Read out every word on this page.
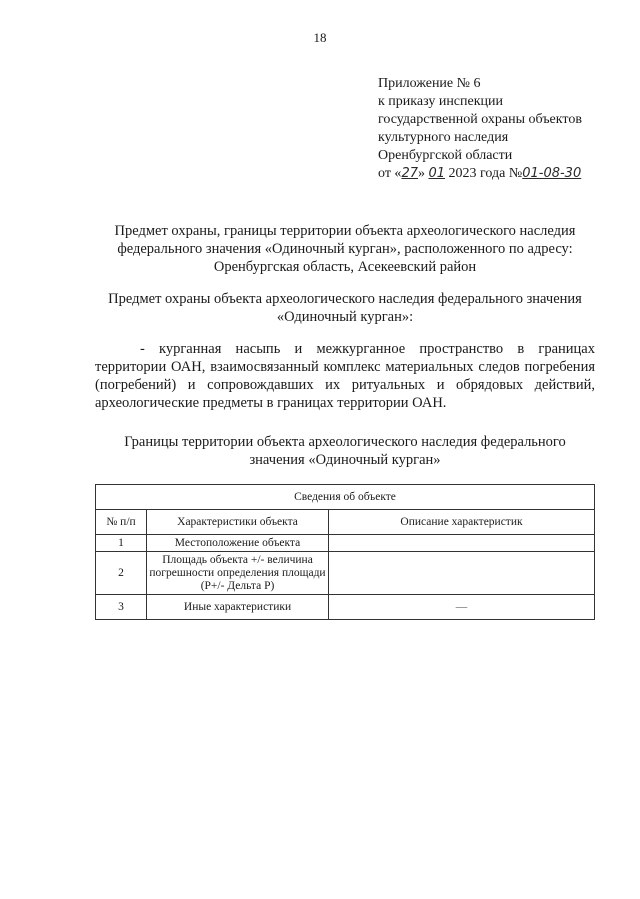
18
Приложение № 6
к приказу инспекции
государственной охраны объектов
культурного наследия
Оренбургской области
от «27» 01 2023 года №01-08-30
Предмет охраны, границы территории объекта археологического наследия федерального значения «Одиночный курган», расположенного по адресу: Оренбургская область, Асекеевский район
Предмет охраны объекта археологического наследия федерального значения «Одиночный курган»:
- курганная насыпь и межкурганное пространство в границах территории ОАН, взаимосвязанный комплекс материальных следов погребения (погребений) и сопровождавших их ритуальных и обрядовых действий, археологические предметы в границах территории ОАН.
Границы территории объекта археологического наследия федерального значения «Одиночный курган»
Сведения об объекте		
№ п/п	Характеристики объекта	Описание характеристик
1	Местоположение объекта	
2	Площадь объекта +/- величина погрешности определения площади (P+/- Дельта P)	
3	Иные характеристики	—
